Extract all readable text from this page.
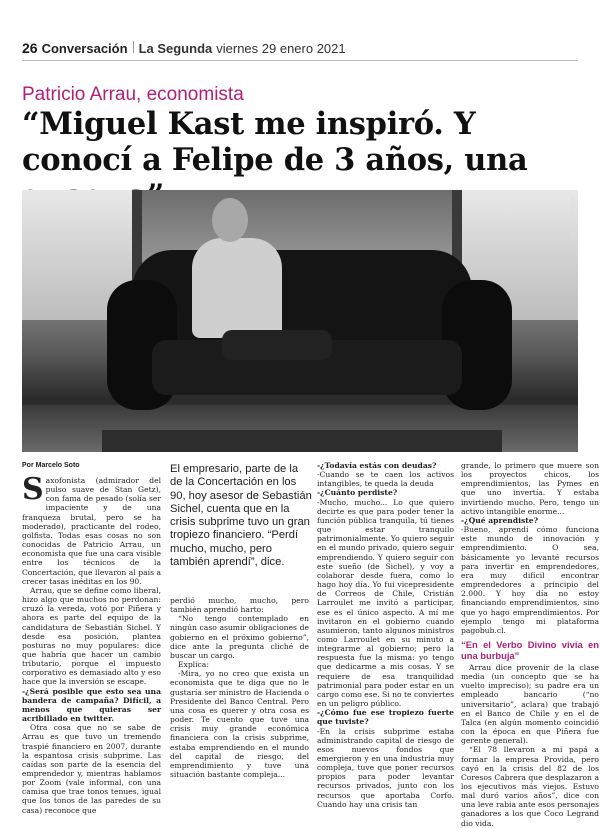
26 Conversación La Segunda viernes 29 enero 2021
Patricio Arrau, economista
“Miguel Kast me inspiró. Y conocí a Felipe de 3 años, una
JORGE ESPINOZA
Por Marcelo Soto

Saxofonista (admirador del pulso suave de Stan Getz), con fama de pesado (solía ser impaciente y de una franqueza brutal, pero se ha moderado), practicante del rodeo, golfista. Todas esas cosas no son conocidas de Patricio Arrau, un economista que fue una cara visible entre los técnicos de la Concertación, que llevaron al país a crecer tasas inéditas en los 90.

Arrau, que se define como liberal, hizo algo que muchos no perdonan: cruzó la vereda, votó por Piñera y ahora es parte del equipo de la candidatura de Sebastián Sichel. Y desde esa posición, plantea posturas no muy populares: dice que habría que hacer un cambio tributario, porque el impuesto corporativo es demasiado alto y eso hace que la inversión se escape.

-¿Será posible que esto sea una bandera de campaña? Difícil, a menos que quieras ser acribillado en twitter.

Otra cosa que no se sabe de Arrau es que tuvo un tremendo traspié financiero en 2007, durante la espantosa crisis subprime. Las caídas son parte de la esencia del emprendedor y, mientras hablamos por Zoom (vale informal, con una camisa que trae tonos tenues, igual que los tonos de las paredes de su casa) reconoce que

El empresario, parte de la de la Concertación en los 90, hoy asesor de Sebastián Sichel, cuenta que en la crisis subprime tuvo un gran tropiezo financiero. “Perdí mucho, mucho, pero también aprendí”, dice.

perdió mucho, mucho, pero también aprendió harto:

“No tengo contemplado en ningún caso asumir obligaciones de gobierno en el próximo gobierno”, dice ante la pregunta cliché de buscar un cargo.

Explica:

-Mira, yo no creo que exista un economista que te diga que no le gustaría ser ministro de Hacienda o Presidente del Banco Central. Pero una cosa es querer y otra cosa es poder. Te cuento que tuve una crisis muy grande económica financiera con la crisis subprime, estaba emprendiendo en el mundo del capital de riesgo, del emprendimiento y tuve una situación bastante compleja...

-¿Todavía estás con deudas?

-Cuando se te caen los activos intangibles, te queda la deuda

-¿Cuánto perdiste?

-Mucho, mucho... Lo que quiero decirte es que para poder tener la función pública tranquila, tú tienes que estar tranquilo patrimonialmente. Yo quiero seguir en el mundo privado, quiero seguir emprendiendo. Y quiero seguir con este sueño (de Sichel), y voy a colaborar desde fuera, como lo hago hoy día. Yo fui vicepresidente de Correos de Chile, Cristián Larroulet me invitó a participar, ese es el único aspecto. A mí me invitaron en el gobierno cuando asumieron, tanto algunos ministros como Larroulet en su minuto a integrarme al gobierno; pero la respuesta fue la misma: yo tengo que dedicarme a mis cosas. Y se requiere de esa tranquilidad patrimonial para poder estar en un cargo como ese. Si no te conviertes en un peligro público.

-¿Cómo fue ese tropiezo fuerte que tuviste?

-En la crisis subprime estaba administrando capital de riesgo de esos nuevos fondos que emergieron y en una industria muy compleja, tuve que poner recursos propios para poder levantar recursos privados, junto con los recursos que aportaba Corfo. Cuando hay una crisis tan

grande, lo primero que muere son los proyectos chicos, los emprendimientos, las Pymes en que uno invertía. Y estaba invirtiendo mucho. Pero, tengo un activo intangible enorme...

-¿Qué aprendiste?

-Bueno, aprendí cómo funciona este mundo de innovación y emprendimiento. O sea, básicamente yo levanté recursos para invertir en emprendedores, era muy difícil encontrar emprendedores a principio del 2.000. Y hoy día no estoy financiando emprendimientos, sino que yo hago emprendimientos. Por ejemplo tengo mi plataforma pagobub.cl.

“En el Verbo Divino vivía en una burbuja”

Arrau dice provenir de la clase media (un concepto que se ha vuelto impreciso); su padre era un empleado bancario (“no universitario”, aclara) que trabajó en el Banco de Chile y en el de Talca (en algún momento coincidió con la época en que Piñera fue gerente general).

“El 78 llevaron a mi papá a formar la empresa Provida, pero cayó en la crisis del 82 de los Coresos Cabrera que desplazaron a los ejecutivos más viejos. Estuvo mal duró varios años”, dice con una leve rabia ante esos personajes ganadores a los que Coco Legrand dio vida.
